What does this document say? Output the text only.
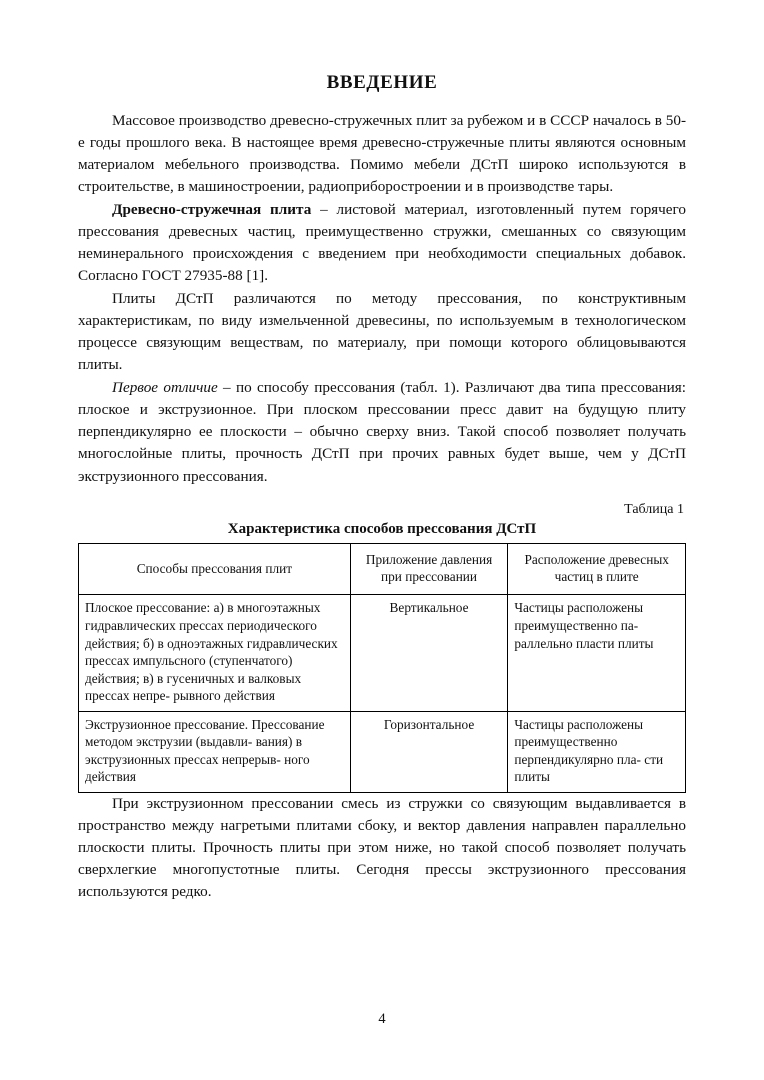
ВВЕДЕНИЕ

Массовое производство древесно-стружечных плит за рубежом и в СССР началось в 50-е годы прошлого века. В настоящее время древесно-стружечные плиты являются основным материалом мебельного производства. Помимо мебели ДСтП широко используются в строительстве, в машиностроении, радиоприборостроении и в производстве тары.

Древесно-стружечная плита – листовой материал, изготовленный путем горячего прессования древесных частиц, преимущественно стружки, смешанных со связующим неминерального происхождения с введением при необходимости специальных добавок. Согласно ГОСТ 27935-88 [1].

Плиты ДСтП различаются по методу прессования, по конструктивным характеристикам, по виду измельченной древесины, по используемым в технологическом процессе связующим веществам, по материалу, при помощи которого облицовываются плиты.

Первое отличие – по способу прессования (табл. 1). Различают два типа прессования: плоское и экструзионное. При плоском прессовании пресс давит на будущую плиту перпендикулярно ее плоскости – обычно сверху вниз. Такой способ позволяет получать многослойные плиты, прочность ДСтП при прочих равных будет выше, чем у ДСтП экструзионного прессования.

Таблица 1
Характеристика способов прессования ДСтП
Способы прессования плит	Приложение давления при прессовании	Расположение древесных частиц в плите
Плоское прессование: а) в многоэтажных гидравлических прессах периодического действия; б) в одноэтажных гидравлических прессах импульсного (ступенчатого) действия; в) в гусеничных и валковых прессах непре- рывного действия	Вертикальное	Частицы расположены преимущественно па- раллельно пласти плиты
Экструзионное прессование. Прессование методом экструзии (выдавли- вания) в экструзионных прессах непрерыв- ного действия	Горизонтальное	Частицы расположены преимущественно перпендикулярно пла- сти плиты

При экструзионном прессовании смесь из стружки со связующим выдавливается в пространство между нагретыми плитами сбоку, и вектор давления направлен параллельно плоскости плиты. Прочность плиты при этом ниже, но такой способ позволяет получать сверхлегкие многопустотные плиты. Сегодня прессы экструзионного прессования используются редко.

4
